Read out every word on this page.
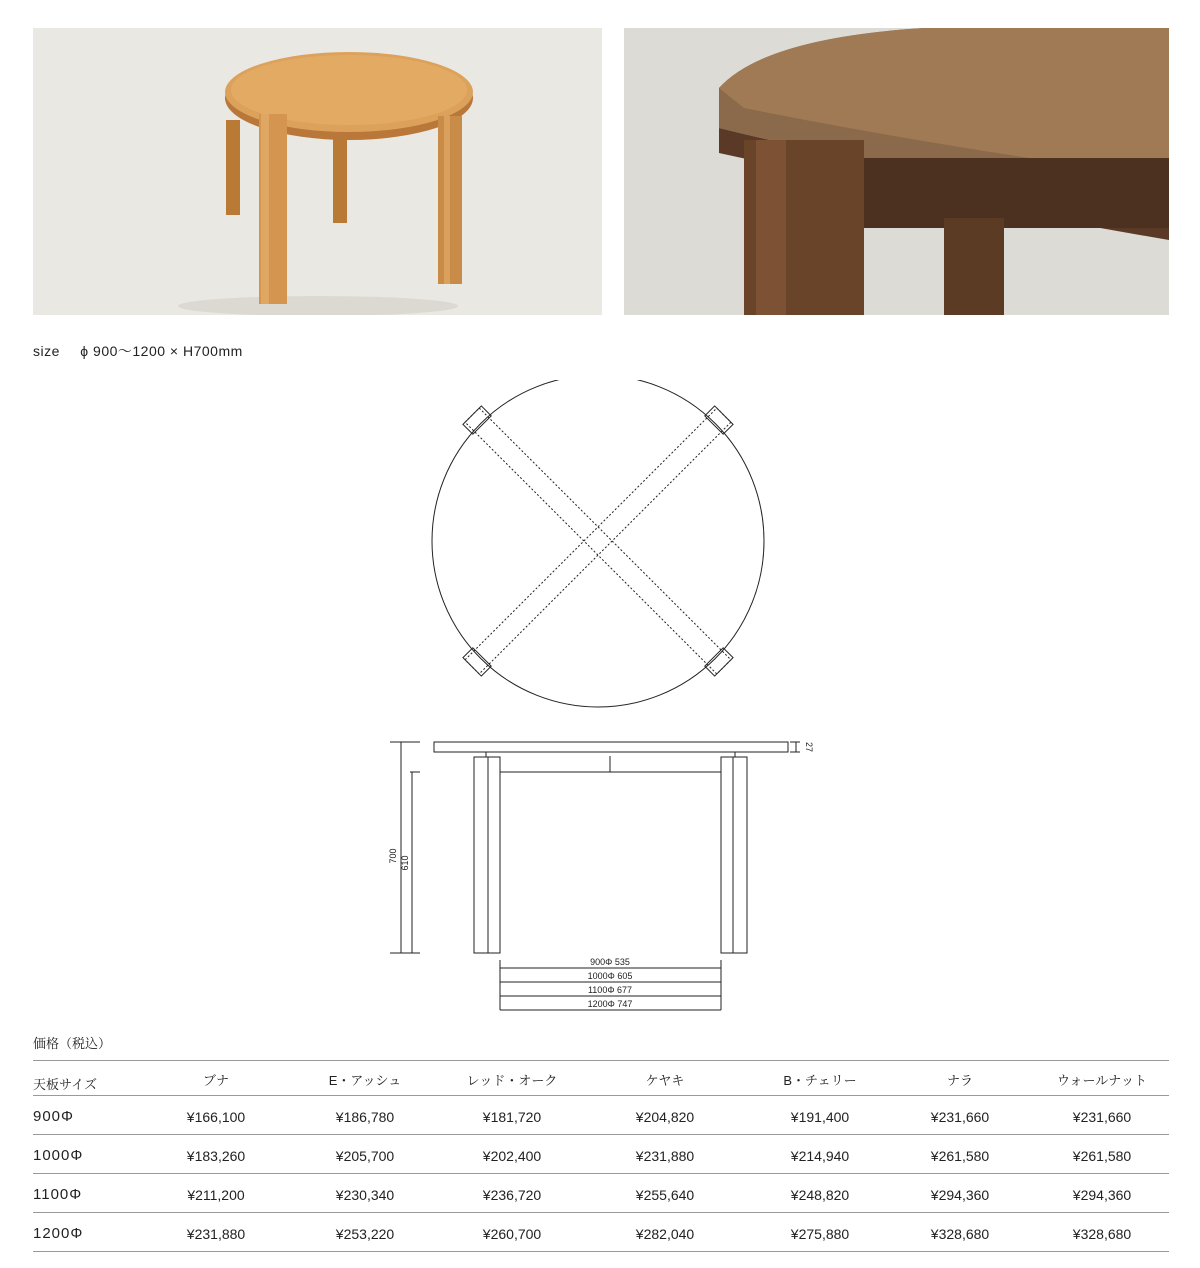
size ϕ 900〜1200 × H700mm
700 610
27
900Φ 535
1000Φ 605
1100Φ 677
1200Φ 747
価格（税込）
天板サイズ	ブナ	E・アッシュ	レッド・オーク	ケヤキ	B・チェリー	ナラ	ウォールナット
900Φ	¥166,100	¥186,780	¥181,720	¥204,820	¥191,400	¥231,660	¥231,660
1000Φ	¥183,260	¥205,700	¥202,400	¥231,880	¥214,940	¥261,580	¥261,580
1100Φ	¥211,200	¥230,340	¥236,720	¥255,640	¥248,820	¥294,360	¥294,360
1200Φ	¥231,880	¥253,220	¥260,700	¥282,040	¥275,880	¥328,680	¥328,680
